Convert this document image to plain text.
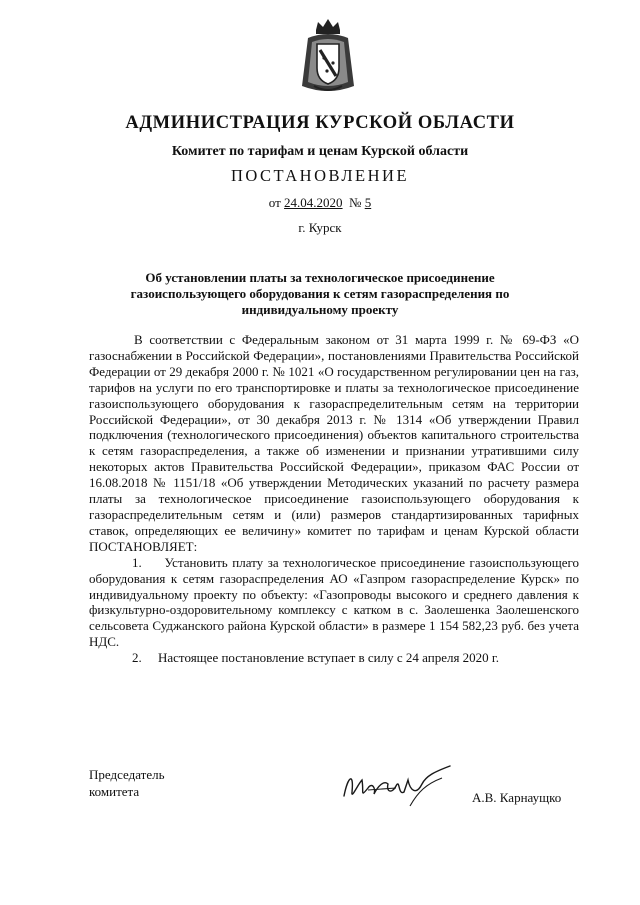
АДМИНИСТРАЦИЯ КУРСКОЙ ОБЛАСТИ
Комитет по тарифам и ценам Курской области
ПОСТАНОВЛЕНИЕ
от 24.04.2020 № 5
г. Курск
Об установлении платы за технологическое присоединение газоиспользующего оборудования к сетям газораспределения по индивидуальному проекту

В соответствии с Федеральным законом от 31 марта 1999 г. № 69-ФЗ «О газоснабжении в Российской Федерации», постановлениями Правительства Российской Федерации от 29 декабря 2000 г. № 1021 «О государственном регулировании цен на газ, тарифов на услуги по его транспортировке и платы за технологическое присоединение газоиспользующего оборудования к газораспределительным сетям на территории Российской Федерации», от 30 декабря 2013 г. № 1314 «Об утверждении Правил подключения (технологического присоединения) объектов капитального строительства к сетям газораспределения, а также об изменении и признании утратившими силу некоторых актов Правительства Российской Федерации», приказом ФАС России от 16.08.2018 № 1151/18 «Об утверждении Методических указаний по расчету размера платы за технологическое присоединение газоиспользующего оборудования к газораспределительным сетям и (или) размеров стандартизированных тарифных ставок, определяющих ее величину» комитет по тарифам и ценам Курской области ПОСТАНОВЛЯЕТ:

1. Установить плату за технологическое присоединение газоиспользующего оборудования к сетям газораспределения АО «Газпром газораспределение Курск» по индивидуальному проекту по объекту: «Газопроводы высокого и среднего давления к физкультурно-оздоровительному комплексу с катком в с. Заолешенка Заолешенского сельсовета Суджанского района Курской области» в размере 1 154 582,23 руб. без учета НДС.

2. Настоящее постановление вступает в силу с 24 апреля 2020 г.

Председатель
комитета	А.В. Карнаущко
